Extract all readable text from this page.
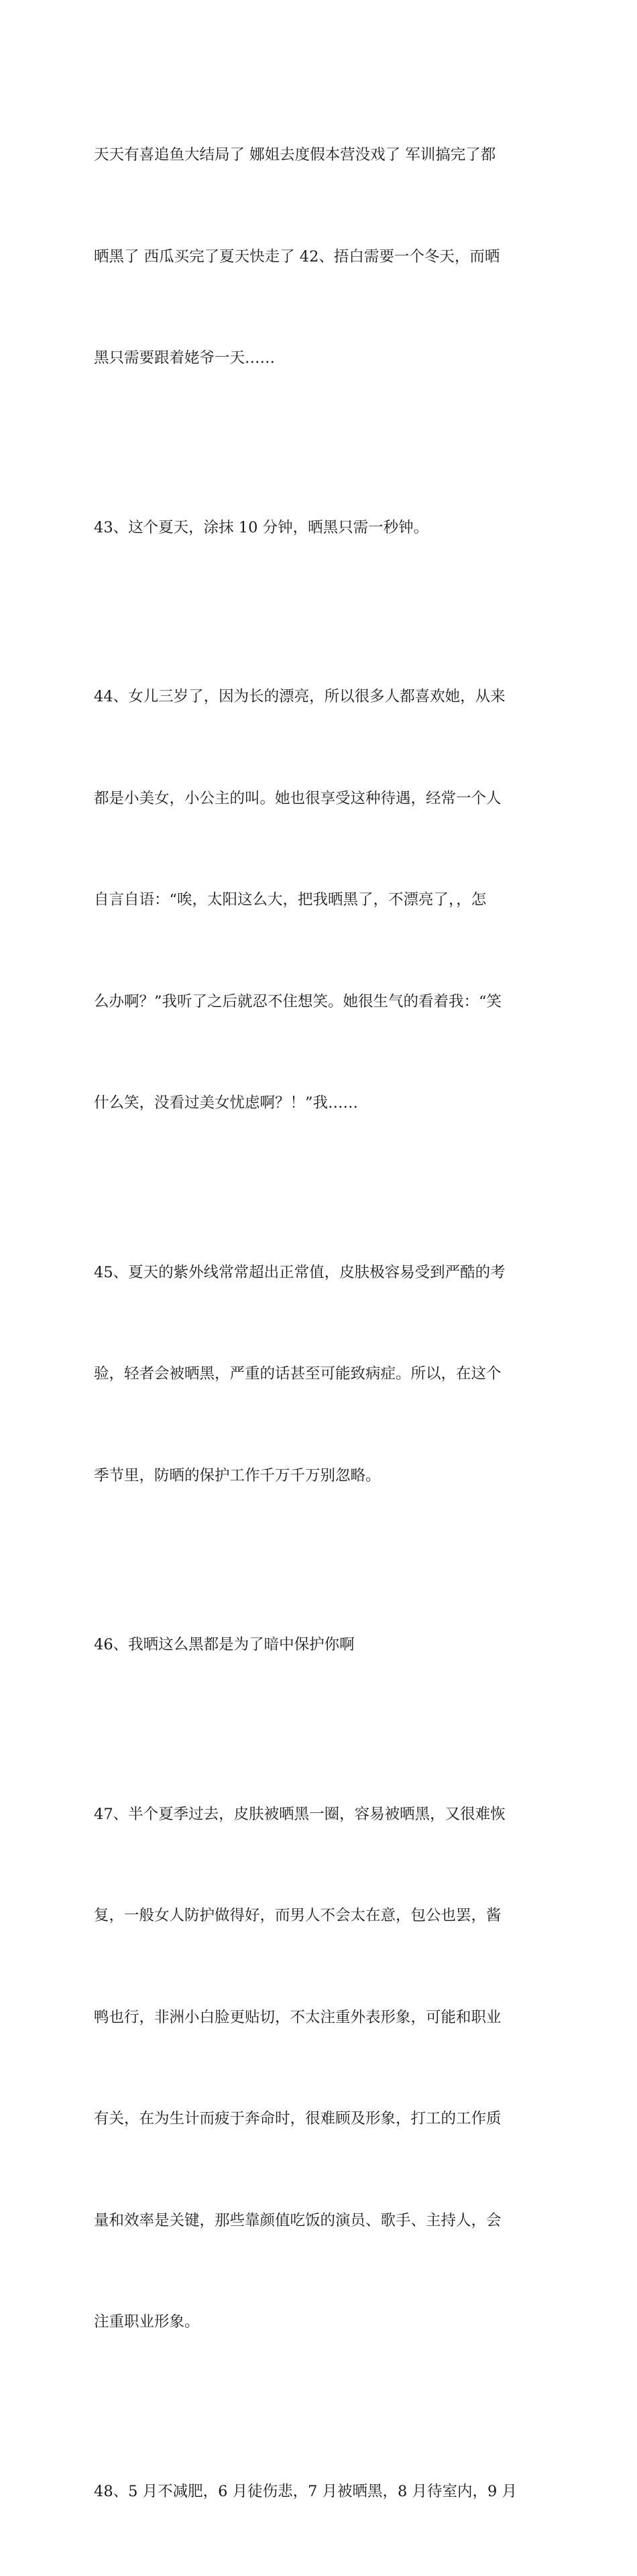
天天有喜追鱼大结局了 娜姐去度假本营没戏了 军训搞完了都

晒黑了 西瓜买完了夏天快走了 42、捂白需要一个冬天，而晒

黑只需要跟着姥爷一天……

43、这个夏天，涂抹 10 分钟，晒黑只需一秒钟。

44、女儿三岁了，因为长的漂亮，所以很多人都喜欢她，从来

都是小美女，小公主的叫。她也很享受这种待遇，经常一个人

自言自语：“唉，太阳这么大，把我晒黑了，不漂亮了，，怎

么办啊？”我听了之后就忍不住想笑。她很生气的看着我：“笑

什么笑，没看过美女忧虑啊？！”我……

45、夏天的紫外线常常超出正常值，皮肤极容易受到严酷的考

验，轻者会被晒黑，严重的话甚至可能致病症。所以，在这个

季节里，防晒的保护工作千万千万别忽略。

46、我晒这么黑都是为了暗中保护你啊

47、半个夏季过去，皮肤被晒黑一圈，容易被晒黑，又很难恢

复，一般女人防护做得好，而男人不会太在意，包公也罢，酱

鸭也行，非洲小白脸更贴切，不太注重外表形象，可能和职业

有关，在为生计而疲于奔命时，很难顾及形象，打工的工作质

量和效率是关键，那些靠颜值吃饭的演员、歌手、主持人，会

注重职业形象。

48、5 月不减肥，6 月徒伤悲，7 月被晒黑，8 月待室内，9 月
